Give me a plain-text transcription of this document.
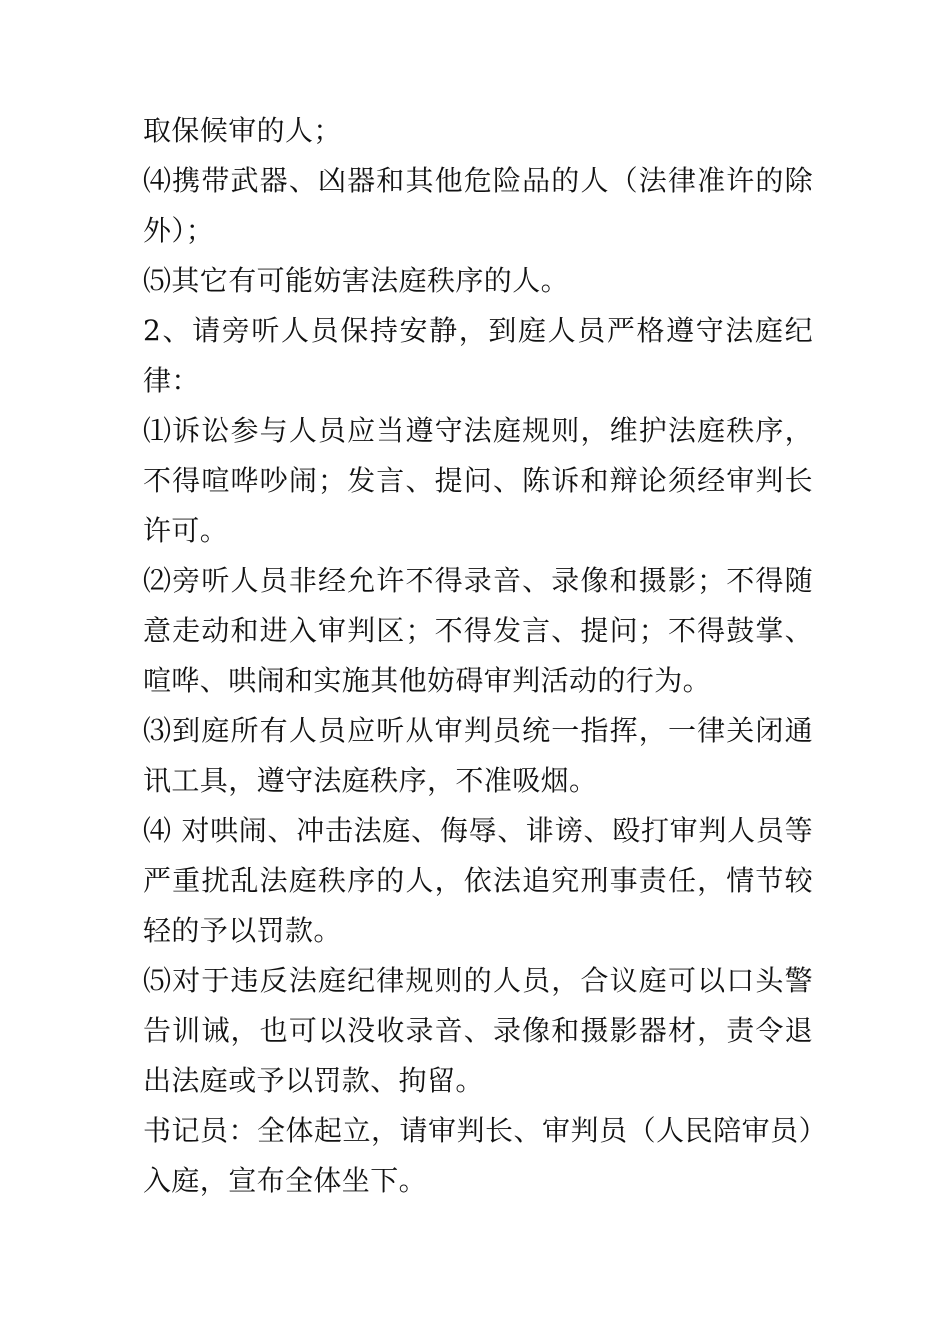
取保候审的人；

⑷携带武器、凶器和其他危险品的人（法律准许的除外）；

⑸其它有可能妨害法庭秩序的人。

2、请旁听人员保持安静，到庭人员严格遵守法庭纪律：

⑴诉讼参与人员应当遵守法庭规则，维护法庭秩序，不得喧哗吵闹；发言、提问、陈诉和辩论须经审判长许可。

⑵旁听人员非经允许不得录音、录像和摄影；不得随意走动和进入审判区；不得发言、提问；不得鼓掌、喧哗、哄闹和实施其他妨碍审判活动的行为。

⑶到庭所有人员应听从审判员统一指挥，一律关闭通讯工具，遵守法庭秩序，不准吸烟。

⑷ 对哄闹、冲击法庭、侮辱、诽谤、殴打审判人员等严重扰乱法庭秩序的人，依法追究刑事责任，情节较轻的予以罚款。

⑸对于违反法庭纪律规则的人员，合议庭可以口头警告训诫，也可以没收录音、录像和摄影器材，责令退出法庭或予以罚款、拘留。

书记员：全体起立，请审判长、审判员（人民陪审员）入庭，宣布全体坐下。
